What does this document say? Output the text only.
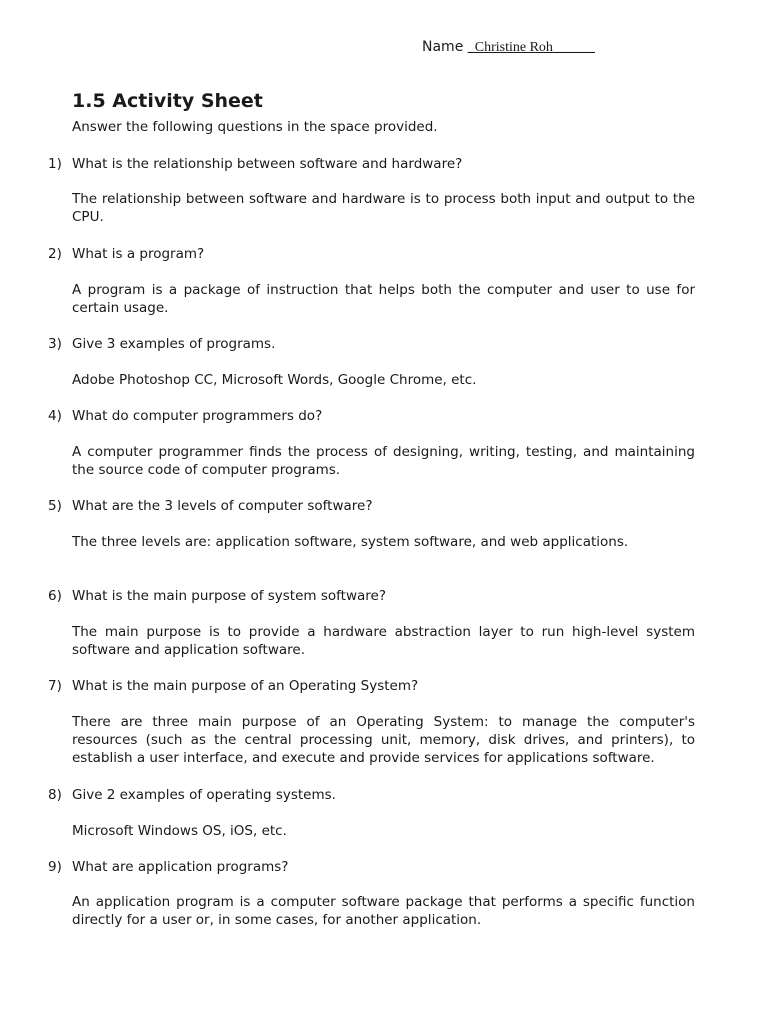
Name _Christine Roh______
1.5 Activity Sheet
Answer the following questions in the space provided.
1) What is the relationship between software and hardware?
The relationship between software and hardware is to process both input and output to the CPU.
2) What is a program?
A program is a package of instruction that helps both the computer and user to use for certain usage.
3) Give 3 examples of programs.
Adobe Photoshop CC, Microsoft Words, Google Chrome, etc.
4) What do computer programmers do?
A computer programmer finds the process of designing, writing, testing, and maintaining the source code of computer programs.
5) What are the 3 levels of computer software?
The three levels are: application software, system software, and web applications.
6) What is the main purpose of system software?
The main purpose is to provide a hardware abstraction layer to run high-level system software and application software.
7) What is the main purpose of an Operating System?
There are three main purpose of an Operating System: to manage the computer's resources (such as the central processing unit, memory, disk drives, and printers), to establish a user interface, and execute and provide services for applications software.
8) Give 2 examples of operating systems.
Microsoft Windows OS, iOS, etc.
9) What are application programs?
An application program is a computer software package that performs a specific function directly for a user or, in some cases, for another application.
